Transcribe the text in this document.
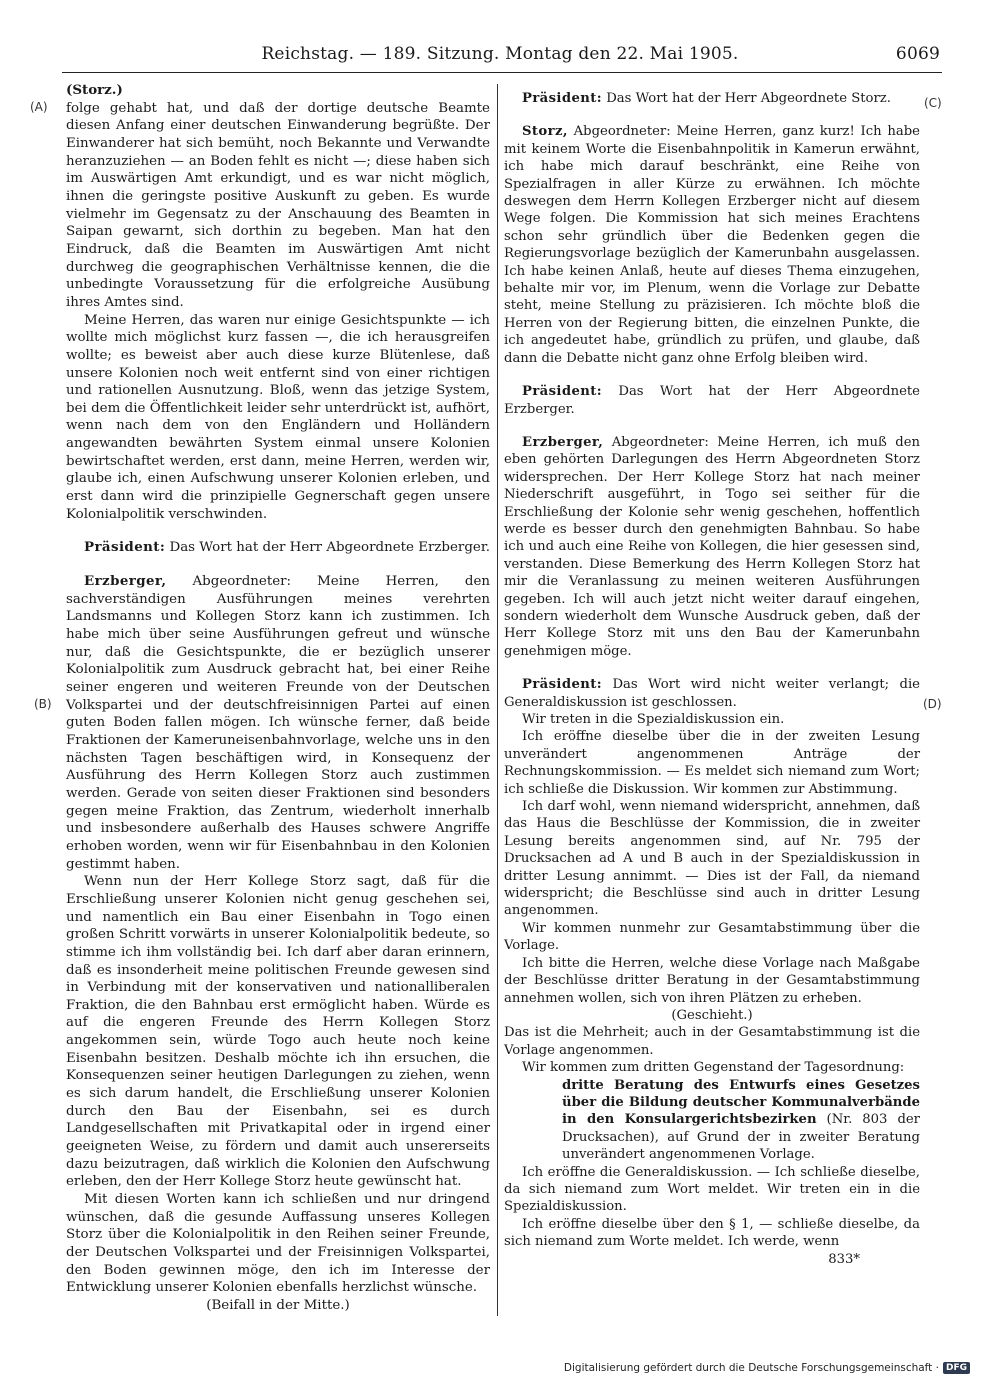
Reichstag. — 189. Sitzung. Montag den 22. Mai 1905.	6069
(A)
(B)
(C)
(D)

(Storz.)

folge gehabt hat, und daß der dortige deutsche Beamte diesen Anfang einer deutschen Einwanderung begrüßte. Der Einwanderer hat sich bemüht, noch Bekannte und Verwandte heranzuziehen — an Boden fehlt es nicht —; diese haben sich im Auswärtigen Amt erkundigt, und es war nicht möglich, ihnen die geringste positive Auskunft zu geben. Es wurde vielmehr im Gegensatz zu der Anschauung des Beamten in Saipan gewarnt, sich dorthin zu begeben. Man hat den Eindruck, daß die Beamten im Auswärtigen Amt nicht durchweg die geographischen Verhältnisse kennen, die die unbedingte Voraussetzung für die erfolgreiche Ausübung ihres Amtes sind.

Meine Herren, das waren nur einige Gesichtspunkte — ich wollte mich möglichst kurz fassen —, die ich herausgreifen wollte; es beweist aber auch diese kurze Blütenlese, daß unsere Kolonien noch weit entfernt sind von einer richtigen und rationellen Ausnutzung. Bloß, wenn das jetzige System, bei dem die Öffentlichkeit leider sehr unterdrückt ist, aufhört, wenn nach dem von den Engländern und Holländern angewandten bewährten System einmal unsere Kolonien bewirtschaftet werden, erst dann, meine Herren, werden wir, glaube ich, einen Aufschwung unserer Kolonien erleben, und erst dann wird die prinzipielle Gegnerschaft gegen unsere Kolonialpolitik verschwinden.

Präsident: Das Wort hat der Herr Abgeordnete Erzberger.

Erzberger, Abgeordneter: Meine Herren, den sachverständigen Ausführungen meines verehrten Landsmanns und Kollegen Storz kann ich zustimmen. Ich habe mich über seine Ausführungen gefreut und wünsche nur, daß die Gesichtspunkte, die er bezüglich unserer Kolonialpolitik zum Ausdruck gebracht hat, bei einer Reihe seiner engeren und weiteren Freunde von der Deutschen Volkspartei und der deutschfreisinnigen Partei auf einen guten Boden fallen mögen. Ich wünsche ferner, daß beide Fraktionen der Kameruneisenbahnvorlage, welche uns in den nächsten Tagen beschäftigen wird, in Konsequenz der Ausführung des Herrn Kollegen Storz auch zustimmen werden. Gerade von seiten dieser Fraktionen sind besonders gegen meine Fraktion, das Zentrum, wiederholt innerhalb und insbesondere außerhalb des Hauses schwere Angriffe erhoben worden, wenn wir für Eisenbahnbau in den Kolonien gestimmt haben.

Wenn nun der Herr Kollege Storz sagt, daß für die Erschließung unserer Kolonien nicht genug geschehen sei, und namentlich ein Bau einer Eisenbahn in Togo einen großen Schritt vorwärts in unserer Kolonialpolitik bedeute, so stimme ich ihm vollständig bei. Ich darf aber daran erinnern, daß es insonderheit meine politischen Freunde gewesen sind in Verbindung mit der konservativen und nationalliberalen Fraktion, die den Bahnbau erst ermöglicht haben. Würde es auf die engeren Freunde des Herrn Kollegen Storz angekommen sein, würde Togo auch heute noch keine Eisenbahn besitzen. Deshalb möchte ich ihn ersuchen, die Konsequenzen seiner heutigen Darlegungen zu ziehen, wenn es sich darum handelt, die Erschließung unserer Kolonien durch den Bau der Eisenbahn, sei es durch Landgesellschaften mit Privatkapital oder in irgend einer geeigneten Weise, zu fördern und damit auch unsererseits dazu beizutragen, daß wirklich die Kolonien den Aufschwung erleben, den der Herr Kollege Storz heute gewünscht hat.

Mit diesen Worten kann ich schließen und nur dringend wünschen, daß die gesunde Auffassung unseres Kollegen Storz über die Kolonialpolitik in den Reihen seiner Freunde, der Deutschen Volkspartei und der Freisinnigen Volkspartei, den Boden gewinnen möge, den ich im Interesse der Entwicklung unserer Kolonien ebenfalls herzlichst wünsche.

(Beifall in der Mitte.)

Präsident: Das Wort hat der Herr Abgeordnete Storz.

Storz, Abgeordneter: Meine Herren, ganz kurz! Ich habe mit keinem Worte die Eisenbahnpolitik in Kamerun erwähnt, ich habe mich darauf beschränkt, eine Reihe von Spezialfragen in aller Kürze zu erwähnen. Ich möchte deswegen dem Herrn Kollegen Erzberger nicht auf diesem Wege folgen. Die Kommission hat sich meines Erachtens schon sehr gründlich über die Bedenken gegen die Regierungsvorlage bezüglich der Kamerunbahn ausgelassen. Ich habe keinen Anlaß, heute auf dieses Thema einzugehen, behalte mir vor, im Plenum, wenn die Vorlage zur Debatte steht, meine Stellung zu präzisieren. Ich möchte bloß die Herren von der Regierung bitten, die einzelnen Punkte, die ich angedeutet habe, gründlich zu prüfen, und glaube, daß dann die Debatte nicht ganz ohne Erfolg bleiben wird.

Präsident: Das Wort hat der Herr Abgeordnete Erzberger.

Erzberger, Abgeordneter: Meine Herren, ich muß den eben gehörten Darlegungen des Herrn Abgeordneten Storz widersprechen. Der Herr Kollege Storz hat nach meiner Niederschrift ausgeführt, in Togo sei seither für die Erschließung der Kolonie sehr wenig geschehen, hoffentlich werde es besser durch den genehmigten Bahnbau. So habe ich und auch eine Reihe von Kollegen, die hier gesessen sind, verstanden. Diese Bemerkung des Herrn Kollegen Storz hat mir die Veranlassung zu meinen weiteren Ausführungen gegeben. Ich will auch jetzt nicht weiter darauf eingehen, sondern wiederholt dem Wunsche Ausdruck geben, daß der Herr Kollege Storz mit uns den Bau der Kamerunbahn genehmigen möge.

Präsident: Das Wort wird nicht weiter verlangt; die Generaldiskussion ist geschlossen.

Wir treten in die Spezialdiskussion ein.

Ich eröffne dieselbe über die in der zweiten Lesung unverändert angenommenen Anträge der Rechnungskommission. — Es meldet sich niemand zum Wort; ich schließe die Diskussion. Wir kommen zur Abstimmung.

Ich darf wohl, wenn niemand widerspricht, annehmen, daß das Haus die Beschlüsse der Kommission, die in zweiter Lesung bereits angenommen sind, auf Nr. 795 der Drucksachen ad A und B auch in der Spezialdiskussion in dritter Lesung annimmt. — Dies ist der Fall, da niemand widerspricht; die Beschlüsse sind auch in dritter Lesung angenommen.

Wir kommen nunmehr zur Gesamtabstimmung über die Vorlage.

Ich bitte die Herren, welche diese Vorlage nach Maßgabe der Beschlüsse dritter Beratung in der Gesamtabstimmung annehmen wollen, sich von ihren Plätzen zu erheben.

(Geschieht.)

Das ist die Mehrheit; auch in der Gesamtabstimmung ist die Vorlage angenommen.

Wir kommen zum dritten Gegenstand der Tagesordnung:

dritte Beratung des Entwurfs eines Gesetzes über die Bildung deutscher Kommunalverbände in den Konsulargerichtsbezirken (Nr. 803 der Drucksachen), auf Grund der in zweiter Beratung unverändert angenommenen Vorlage.

Ich eröffne die Generaldiskussion. — Ich schließe dieselbe, da sich niemand zum Wort meldet. Wir treten ein in die Spezialdiskussion.

Ich eröffne dieselbe über den § 1, — schließe dieselbe, da sich niemand zum Worte meldet. Ich werde, wenn

833*

Digitalisierung gefördert durch die Deutsche Forschungsgemeinschaft · DFG
